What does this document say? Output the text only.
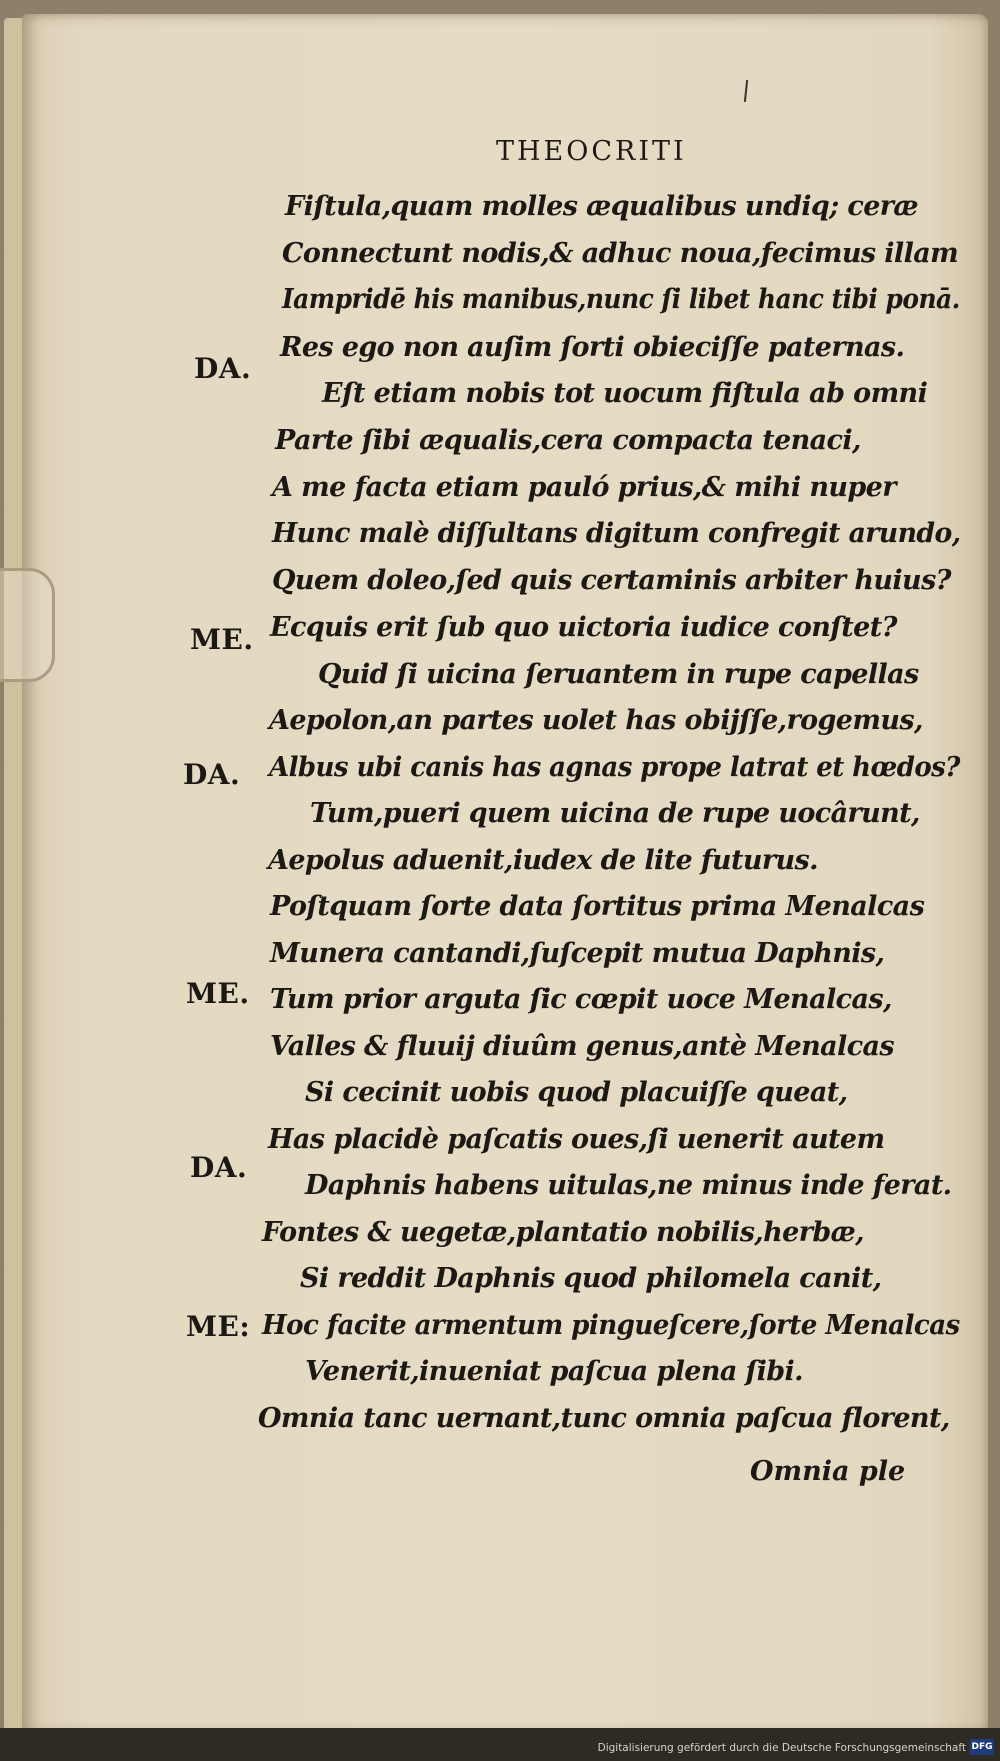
THEOCRITI
DA.
ME.
DA.
ME.
DA.
ME:
Fiſtula,quam molles æqualibus undiq; ceræ
Connectunt nodis,& adhuc noua,fecimus illam
Iampridē his manibus,nunc ſi libet hanc tibi ponā.
Res ego non auſim ſorti obieciſſe paternas.
Eſt etiam nobis tot uocum fiſtula ab omni
Parte ſibi æqualis,cera compacta tenaci,
A me facta etiam pauló prius,& mihi nuper
Hunc malè diſſultans digitum confregit arundo,
Quem doleo,ſed quis certaminis arbiter huius?
Ecquis erit ſub quo uictoria iudice conſtet?
Quid ſi uicina ſeruantem in rupe capellas
Aepolon,an partes uolet has obijſſe,rogemus,
Albus ubi canis has agnas prope latrat et hœdos?
Tum,pueri quem uicina de rupe uocârunt,
Aepolus aduenit,iudex de lite futurus.
Poſtquam ſorte data ſortitus prima Menalcas
Munera cantandi,ſuſcepit mutua Daphnis,
Tum prior arguta ſic cœpit uoce Menalcas,
Valles & fluuij diuûm genus,antè Menalcas
Si cecinit uobis quod placuiſſe queat,
Has placidè paſcatis oues,ſi uenerit autem
Daphnis habens uitulas,ne minus inde ferat.
Fontes & uegetæ,plantatio nobilis,herbæ,
Si reddit Daphnis quod philomela canit,
Hoc facite armentum pingueſcere,ſorte Menalcas
Venerit,inueniat paſcua plena ſibi.
Omnia tanc uernant,tunc omnia paſcua florent,
Omnia ple
Digitalisierung gefördert durch die Deutsche Forschungsgemeinschaft DFG
